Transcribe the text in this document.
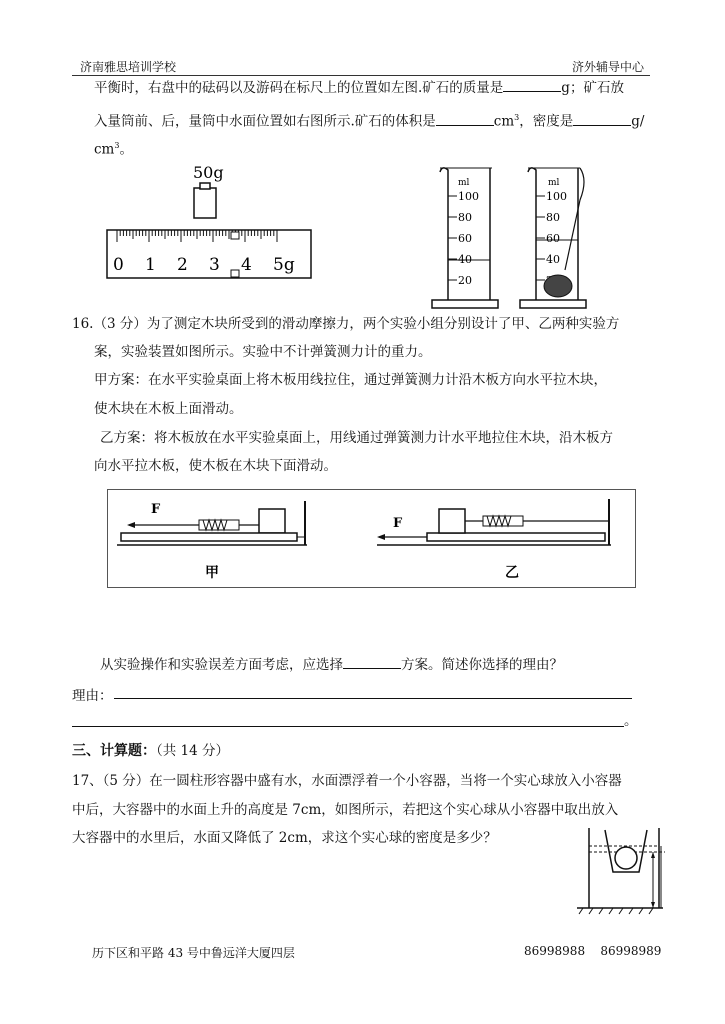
济南雅思培训学校	济外辅导中心
平衡时，右盘中的砝码以及游码在标尺上的位置如左图.矿石的质量是	g；矿石放
入量筒前、后，量筒中水面位置如右图所示.矿石的体积是	$cm^3$，密度是	g/
$cm^3$。
50g
0 1 2 3 4 5g
ml
100
80
60
40
20
ml
100
80
60
40
16.（3 分）为了测定木块所受到的滑动摩擦力，两个实验小组分别设计了甲、乙两种实验方
案，实验装置如图所示。实验中不计弹簧测力计的重力。
甲方案：在水平实验桌面上将木板用线拉住，通过弹簧测力计沿木板方向水平拉木块，
使木块在木板上面滑动。
乙方案：将木板放在水平实验桌面上，用线通过弹簧测力计水平地拉住木块，沿木板方
向水平拉木板，使木板在木块下面滑动。
F
甲
F
乙
从实验操作和实验误差方面考虑，应选择	方案。简述你选择的理由？
理由：
。
三、计算题：（共 14 分）
17、（5 分）在一圆柱形容器中盛有水，水面漂浮着一个小容器，当将一个实心球放入小容器
中后，大容器中的水面上升的高度是 7cm，如图所示，若把这个实心球从小容器中取出放入
大容器中的水里后，水面又降低了 2cm，求这个实心球的密度是多少？
历下区和平路 43 号中鲁远洋大厦四层	86998988    86998989
